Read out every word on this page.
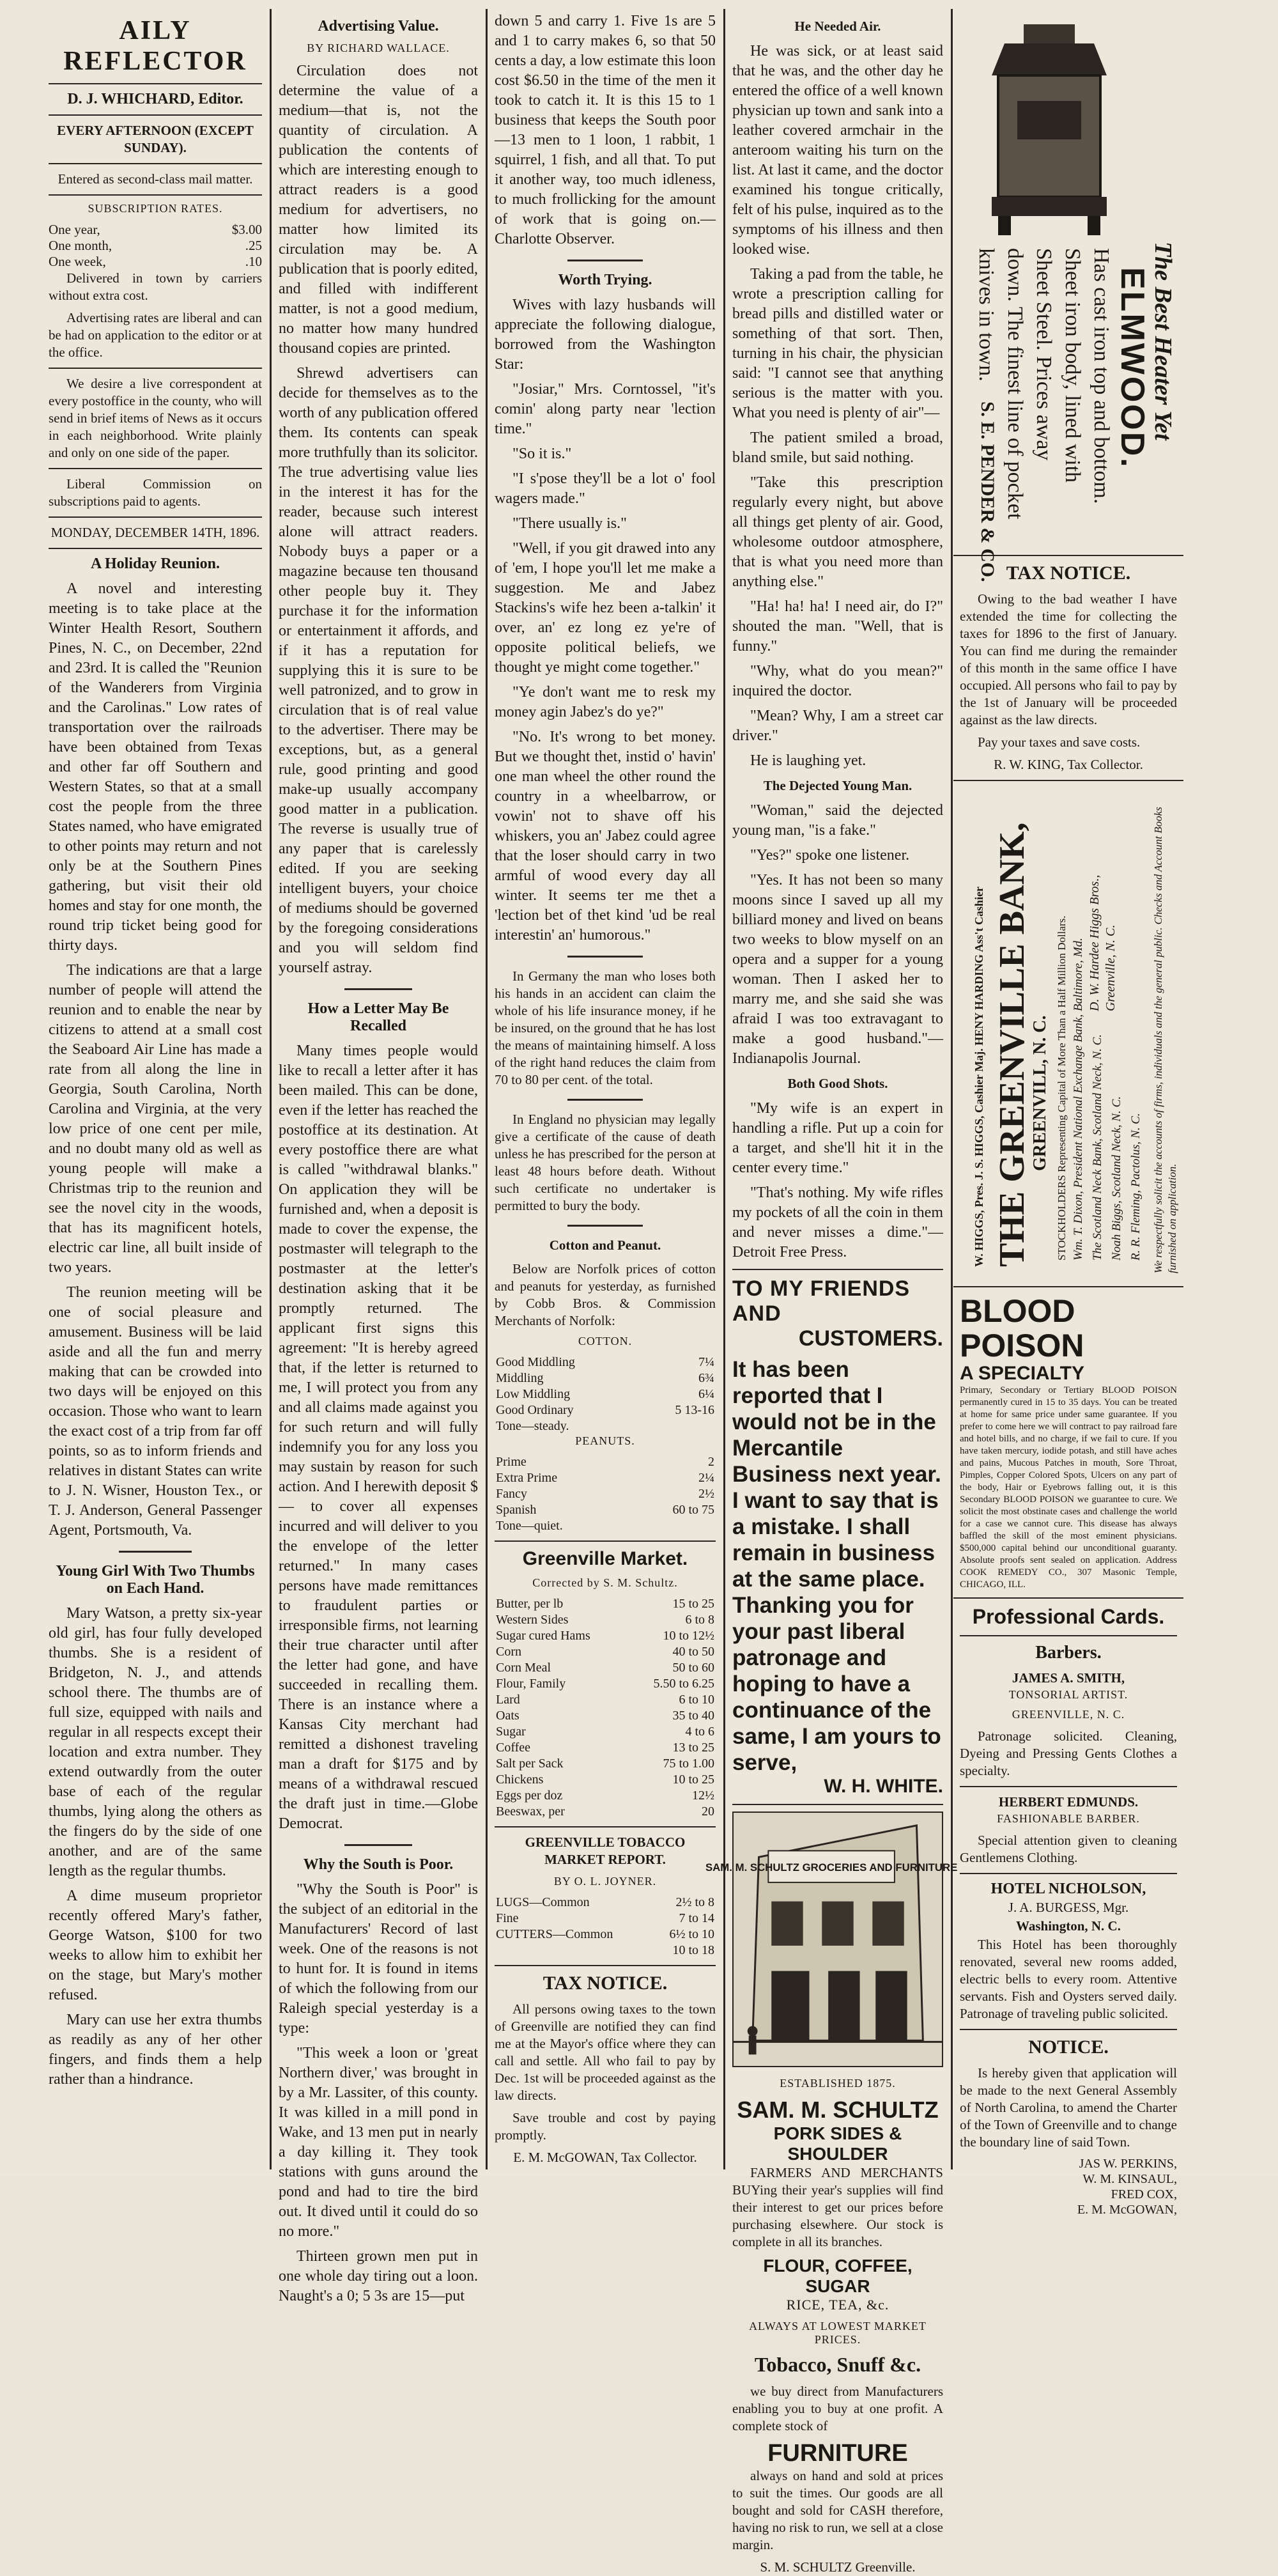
AILY REFLECTOR
D. J. WHICHARD, Editor.
EVERY AFTERNOON (EXCEPT SUNDAY).

Entered as second-class mail matter.

SUBSCRIPTION RATES.
One year,	$3.00
One month,	.25
One week,	.10

Delivered in town by carriers without extra cost.

Advertising rates are liberal and can be had on application to the editor or at the office.

We desire a live correspondent at every postoffice in the county, who will send in brief items of News as it occurs in each neighborhood. Write plainly and only on one side of the paper.

Liberal Commission on subscriptions paid to agents.

MONDAY, DECEMBER 14TH, 1896.
A Holiday Reunion.

A novel and interesting meeting is to take place at the Winter Health Resort, Southern Pines, N. C., on December, 22nd and 23rd. It is called the "Reunion of the Wanderers from Virginia and the Carolinas." Low rates of transportation over the railroads have been obtained from Texas and other far off Southern and Western States, so that at a small cost the people from the three States named, who have emigrated to other points may return and not only be at the Southern Pines gathering, but visit their old homes and stay for one month, the round trip ticket being good for thirty days.

The indications are that a large number of people will attend the reunion and to enable the near by citizens to attend at a small cost the Seaboard Air Line has made a rate from all along the line in Georgia, South Carolina, North Carolina and Virginia, at the very low price of one cent per mile, and no doubt many old as well as young people will make a Christmas trip to the reunion and see the novel city in the woods, that has its magnificent hotels, electric car line, all built inside of two years.

The reunion meeting will be one of social pleasure and amusement. Business will be laid aside and all the fun and merry making that can be crowded into two days will be enjoyed on this occasion. Those who want to learn the exact cost of a trip from far off points, so as to inform friends and relatives in distant States can write to J. N. Wisner, Houston Tex., or T. J. Anderson, General Passenger Agent, Portsmouth, Va.

Young Girl With Two Thumbs on Each Hand.

Mary Watson, a pretty six-year old girl, has four fully developed thumbs. She is a resident of Bridgeton, N. J., and attends school there. The thumbs are of full size, equipped with nails and regular in all respects except their location and extra number. They extend outwardly from the outer base of each of the regular thumbs, lying along the others as the fingers do by the side of one another, and are of the same length as the regular thumbs.

A dime museum proprietor recently offered Mary's father, George Watson, $100 for two weeks to allow him to exhibit her on the stage, but Mary's mother refused.

Mary can use her extra thumbs as readily as any of her other fingers, and finds them a help rather than a hindrance.

Advertising Value.
BY RICHARD WALLACE.

Circulation does not determine the value of a medium—that is, not the quantity of circulation. A publication the contents of which are interesting enough to attract readers is a good medium for advertisers, no matter how limited its circulation may be. A publication that is poorly edited, and filled with indifferent matter, is not a good medium, no matter how many hundred thousand copies are printed.

Shrewd advertisers can decide for themselves as to the worth of any publication offered them. Its contents can speak more truthfully than its solicitor. The true advertising value lies in the interest it has for the reader, because such interest alone will attract readers. Nobody buys a paper or a magazine because ten thousand other people buy it. They purchase it for the information or entertainment it affords, and if it has a reputation for supplying this it is sure to be well patronized, and to grow in circulation that is of real value to the advertiser. There may be exceptions, but, as a general rule, good printing and good make-up usually accompany good matter in a publication. The reverse is usually true of any paper that is carelessly edited. If you are seeking intelligent buyers, your choice of mediums should be governed by the foregoing considerations and you will seldom find yourself astray.

How a Letter May Be Recalled

Many times people would like to recall a letter after it has been mailed. This can be done, even if the letter has reached the postoffice at its destination. At every postoffice there are what is called "withdrawal blanks." On application they will be furnished and, when a deposit is made to cover the expense, the postmaster will telegraph to the postmaster at the letter's destination asking that it be promptly returned. The applicant first signs this agreement: "It is hereby agreed that, if the letter is returned to me, I will protect you from any and all claims made against you for such return and will fully indemnify you for any loss you may sustain by reason for such action. And I herewith deposit $— to cover all expenses incurred and will deliver to you the envelope of the letter returned." In many cases persons have made remittances to fraudulent parties or irresponsible firms, not learning their true character until after the letter had gone, and have succeeded in recalling them. There is an instance where a Kansas City merchant had remitted a dishonest traveling man a draft for $175 and by means of a withdrawal rescued the draft just in time.—Globe Democrat.

Why the South is Poor.

"Why the South is Poor" is the subject of an editorial in the Manufacturers' Record of last week. One of the reasons is not to hunt for. It is found in items of which the following from our Raleigh special yesterday is a type:

"This week a loon or 'great Northern diver,' was brought in by a Mr. Lassiter, of this county. It was killed in a mill pond in Wake, and 13 men put in nearly a day killing it. They took stations with guns around the pond and had to tire the bird out. It dived until it could do so no more."

Thirteen grown men put in one whole day tiring out a loon. Naught's a 0; 5 3s are 15—put

down 5 and carry 1. Five 1s are 5 and 1 to carry makes 6, so that 50 cents a day, a low estimate this loon cost $6.50 in the time of the men it took to catch it. It is this 15 to 1 business that keeps the South poor—13 men to 1 loon, 1 rabbit, 1 squirrel, 1 fish, and all that. To put it another way, too much idleness, to much frollicking for the amount of work that is going on.—Charlotte Observer.

Worth Trying.

Wives with lazy husbands will appreciate the following dialogue, borrowed from the Washington Star:

"Josiar," Mrs. Corntossel, "it's comin' along party near 'lection time."

"So it is."

"I s'pose they'll be a lot o' fool wagers made."

"There usually is."

"Well, if you git drawed into any of 'em, I hope you'll let me make a suggestion. Me and Jabez Stackins's wife hez been a-talkin' it over, an' ez long ez ye're of opposite political beliefs, we thought ye might come together."

"Ye don't want me to resk my money agin Jabez's do ye?"

"No. It's wrong to bet money. But we thought thet, instid o' havin' one man wheel the other round the country in a wheelbarrow, or vowin' not to shave off his whiskers, you an' Jabez could agree that the loser should carry in two armful of wood every day all winter. It seems ter me thet a 'lection bet of thet kind 'ud be real interestin' an' humorous."

In Germany the man who loses both his hands in an accident can claim the whole of his life insurance money, if he be insured, on the ground that he has lost the means of maintaining himself. A loss of the right hand reduces the claim from 70 to 80 per cent. of the total.

In England no physician may legally give a certificate of the cause of death unless he has prescribed for the person at least 48 hours before death. Without such certificate no undertaker is permitted to bury the body.

Cotton and Peanut.

Below are Norfolk prices of cotton and peanuts for yesterday, as furnished by Cobb Bros. & Commission Merchants of Norfolk:

COTTON.
Good Middling	7¼
Middling	6¾
Low Middling	6¼
Good Ordinary	5 13-16
Tone—steady.	
PEANUTS.
Prime	2
Extra Prime	2¼
Fancy	2½
Spanish	60 to 75
Tone—quiet.	
Greenville Market.
Corrected by S. M. Schultz.
Butter, per lb	15 to 25
Western Sides	6 to 8
Sugar cured Hams	10 to 12½
Corn	40 to 50
Corn Meal	50 to 60
Flour, Family	5.50 to 6.25
Lard	6 to 10
Oats	35 to 40
Sugar	4 to 6
Coffee	13 to 25
Salt per Sack	75 to 1.00
Chickens	10 to 25
Eggs per doz	12½
Beeswax, per	20
GREENVILLE TOBACCO MARKET REPORT.
BY O. L. JOYNER.
LUGS—Common	2½ to 8
Fine	7 to 14
CUTTERS—Common	6½ to 10
	10 to 18
TAX NOTICE.

All persons owing taxes to the town of Greenville are notified they can find me at the Mayor's office where they can call and settle. All who fail to pay by Dec. 1st will be proceeded against as the law directs.

Save trouble and cost by paying promptly.

E. M. McGOWAN, Tax Collector.

He Needed Air.

He was sick, or at least said that he was, and the other day he entered the office of a well known physician up town and sank into a leather covered armchair in the anteroom waiting his turn on the list. At last it came, and the doctor examined his tongue critically, felt of his pulse, inquired as to the symptoms of his illness and then looked wise.

Taking a pad from the table, he wrote a prescription calling for bread pills and distilled water or something of that sort. Then, turning in his chair, the physician said: "I cannot see that anything serious is the matter with you. What you need is plenty of air"—

The patient smiled a broad, bland smile, but said nothing.

"Take this prescription regularly every night, but above all things get plenty of air. Good, wholesome outdoor atmosphere, that is what you need more than anything else."

"Ha! ha! ha! I need air, do I?" shouted the man. "Well, that is funny."

"Why, what do you mean?" inquired the doctor.

"Mean? Why, I am a street car driver."

He is laughing yet.

The Dejected Young Man.

"Woman," said the dejected young man, "is a fake."

"Yes?" spoke one listener.

"Yes. It has not been so many moons since I saved up all my billiard money and lived on beans two weeks to blow myself on an opera and a supper for a young woman. Then I asked her to marry me, and she said she was afraid I was too extravagant to make a good husband."—Indianapolis Journal.

Both Good Shots.

"My wife is an expert in handling a rifle. Put up a coin for a target, and she'll hit it in the center every time."

"That's nothing. My wife rifles my pockets of all the coin in them and never misses a dime."—Detroit Free Press.

TO MY FRIENDS AND
CUSTOMERS.
It has been reported that I would not be in the Mercantile Business next year. I want to say that is a mistake. I shall remain in business at the same place. Thanking you for your past liberal patronage and hoping to have a continuance of the same, I am yours to serve,
W. H. WHITE.
SAM. M. SCHULTZ GROCERIES AND FURNITURE
ESTABLISHED 1875.
SAM. M. SCHULTZ
PORK SIDES & SHOULDER

FARMERS AND MERCHANTS BUYing their year's supplies will find their interest to get our prices before purchasing elsewhere. Our stock is complete in all its branches.

FLOUR, COFFEE, SUGAR
RICE, TEA, &c.
ALWAYS AT LOWEST MARKET PRICES.
Tobacco, Snuff &c.

we buy direct from Manufacturers enabling you to buy at one profit. A complete stock of

FURNITURE

always on hand and sold at prices to suit the times. Our goods are all bought and sold for CASH therefore, having no risk to run, we sell at a close margin.

S. M. SCHULTZ Greenville.

The Best Heater Yet
ELMWOOD.
Has cast iron top and bottom.
Sheet iron body, lined with
Sheet Steel. Prices away
down. The finest line of pocket
knives in town.
S. E. PENDER & CO. TAX NOTICE.

Owing to the bad weather I have extended the time for collecting the taxes for 1896 to the first of January. You can find me during the remainder of this month in the same office I have occupied. All persons who fail to pay by the 1st of January will be proceeded against as the law directs.

Pay your taxes and save costs.

R. W. KING, Tax Collector.

W. HIGGS, Pres. J. S. HIGGS, Cashier Maj. HENY HARDING Ass't Cashier THE GREENVILLE BANK,
GREENVILL, N. C. STOCKHOLDERS Representing Capital of More Than a Half Million Dollars. Wm. T. Dixon, President National Exchange Bank, Baltimore, Md. D. W. Hardee Higgs Bros., Greenville, N. C.
The Scotland Neck Bank, Scotland Neck, N. C. Noah Biggs, Scotland Neck, N. C. R. R. Fleming, Pactolus, N. C. We respectfully solicit the accounts of firms, individuals and the general public. Checks and Account Books furnished on application.
BLOOD POISON
A SPECIALTY

Primary, Secondary or Tertiary BLOOD POISON permanently cured in 15 to 35 days. You can be treated at home for same price under same guarantee. If you prefer to come here we will contract to pay railroad fare and hotel bills, and no charge, if we fail to cure. If you have taken mercury, iodide potash, and still have aches and pains, Mucous Patches in mouth, Sore Throat, Pimples, Copper Colored Spots, Ulcers on any part of the body, Hair or Eyebrows falling out, it is this Secondary BLOOD POISON we guarantee to cure. We solicit the most obstinate cases and challenge the world for a case we cannot cure. This disease has always baffled the skill of the most eminent physicians. $500,000 capital behind our unconditional guaranty. Absolute proofs sent sealed on application. Address COOK REMEDY CO., 307 Masonic Temple, CHICAGO, ILL.

Professional Cards.
Barbers.
JAMES A. SMITH,
TONSORIAL ARTIST.
GREENVILLE, N. C.

Patronage solicited. Cleaning, Dyeing and Pressing Gents Clothes a specialty.

HERBERT EDMUNDS.
FASHIONABLE BARBER.

Special attention given to cleaning Gentlemens Clothing.

HOTEL NICHOLSON,
J. A. BURGESS, Mgr.
Washington, N. C.

This Hotel has been thoroughly renovated, several new rooms added, electric bells to every room. Attentive servants. Fish and Oysters served daily. Patronage of traveling public solicited.

NOTICE.

Is hereby given that application will be made to the next General Assembly of North Carolina, to amend the Charter of the Town of Greenville and to change the boundary line of said Town.

JAS W. PERKINS,
W. M. KINSAUL,
FRED COX,
E. M. McGOWAN,
